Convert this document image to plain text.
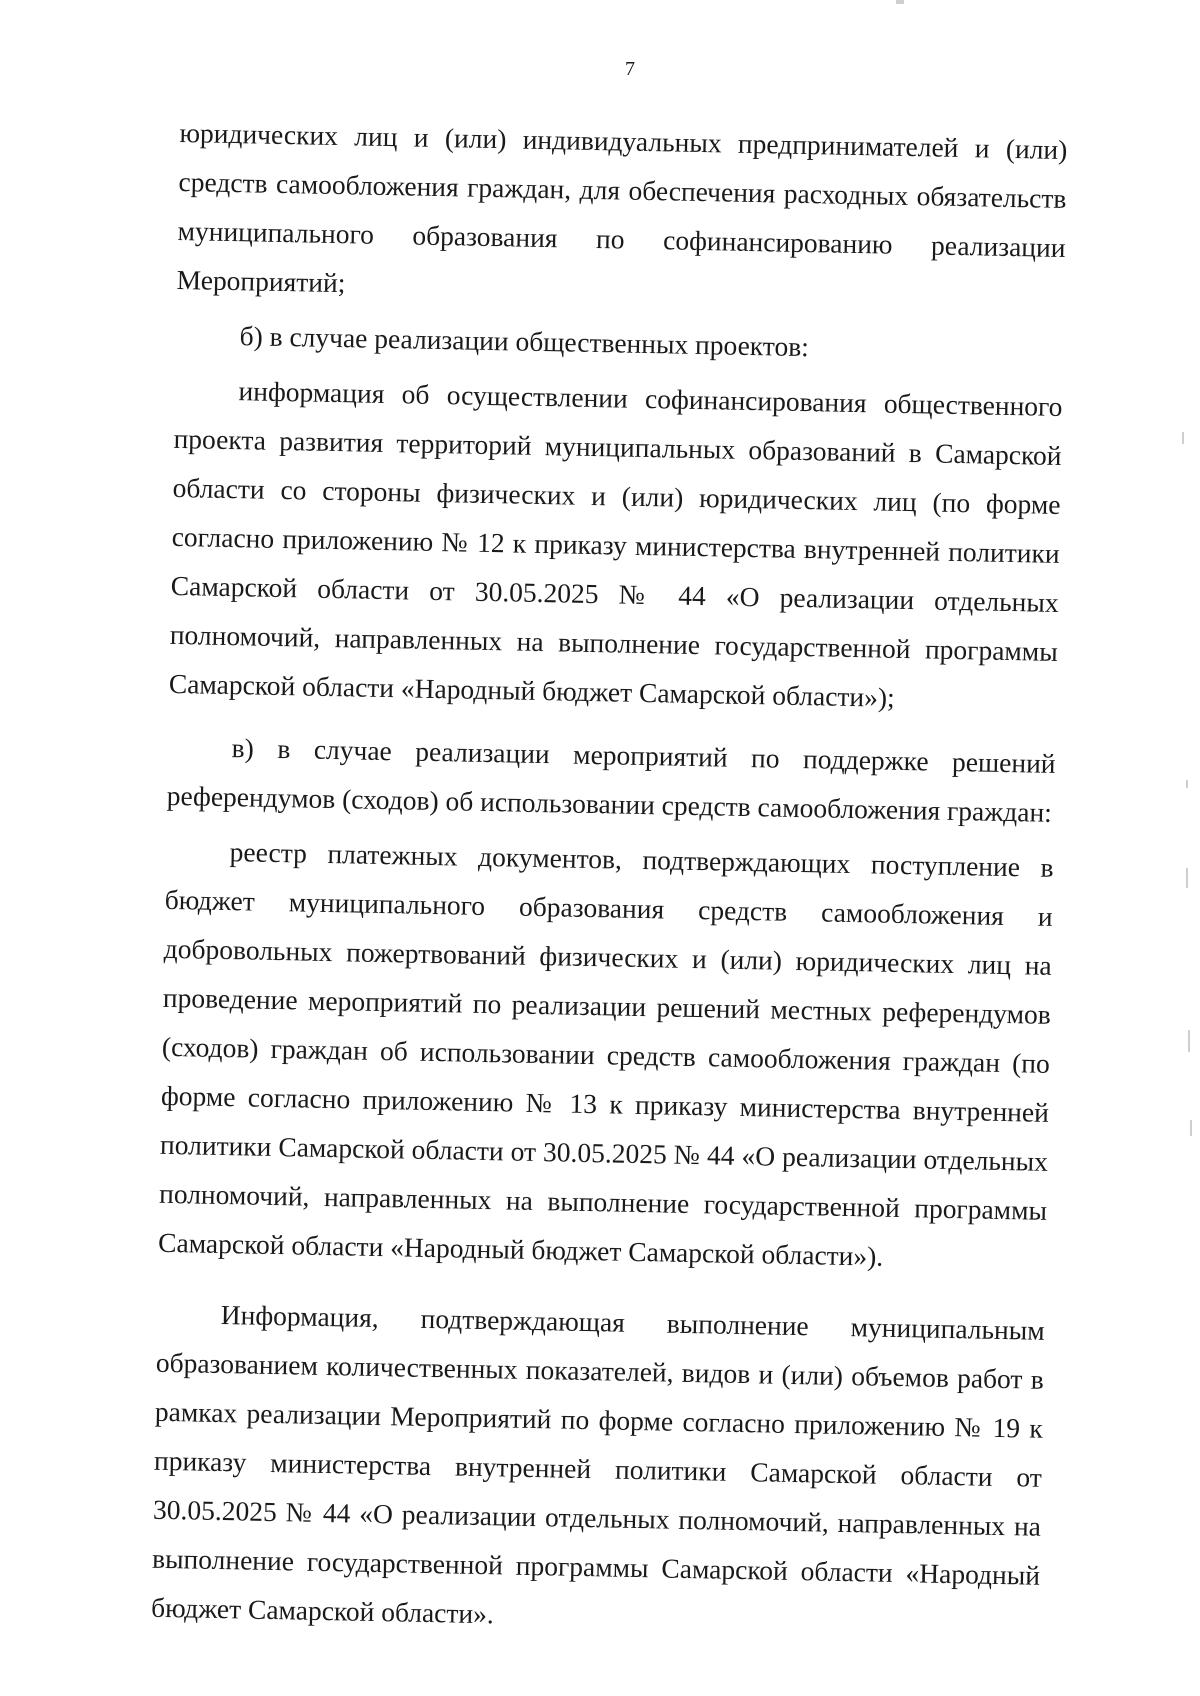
7

юридических лиц и (или) индивидуальных предпринимателей и (или) средств самообложения граждан, для обеспечения расходных обязательств муниципального образования по софинансированию реализации Мероприятий;

б) в случае реализации общественных проектов:

информация об осуществлении софинансирования общественного проекта развития территорий муниципальных образований в Самарской области со стороны физических и (или) юридических лиц (по форме согласно приложению № 12 к приказу министерства внутренней политики Самарской области от 30.05.2025 № 44 «О реализации отдельных полномочий, направленных на выполнение государственной программы Самарской области «Народный бюджет Самарской области»);

в) в случае реализации мероприятий по поддержке решений референдумов (сходов) об использовании средств самообложения граждан:

реестр платежных документов, подтверждающих поступление в бюджет муниципального образования средств самообложения и добровольных пожертвований физических и (или) юридических лиц на проведение мероприятий по реализации решений местных референдумов (сходов) граждан об использовании средств самообложения граждан (по форме согласно приложению № 13 к приказу министерства внутренней политики Самарской области от 30.05.2025 № 44 «О реализации отдельных полномочий, направленных на выполнение государственной программы Самарской области «Народный бюджет Самарской области»).

Информация, подтверждающая выполнение муниципальным образованием количественных показателей, видов и (или) объемов работ в рамках реализации Мероприятий по форме согласно приложению № 19 к приказу министерства внутренней политики Самарской области от 30.05.2025 № 44 «О реализации отдельных полномочий, направленных на выполнение государственной программы Самарской области «Народный бюджет Самарской области».
